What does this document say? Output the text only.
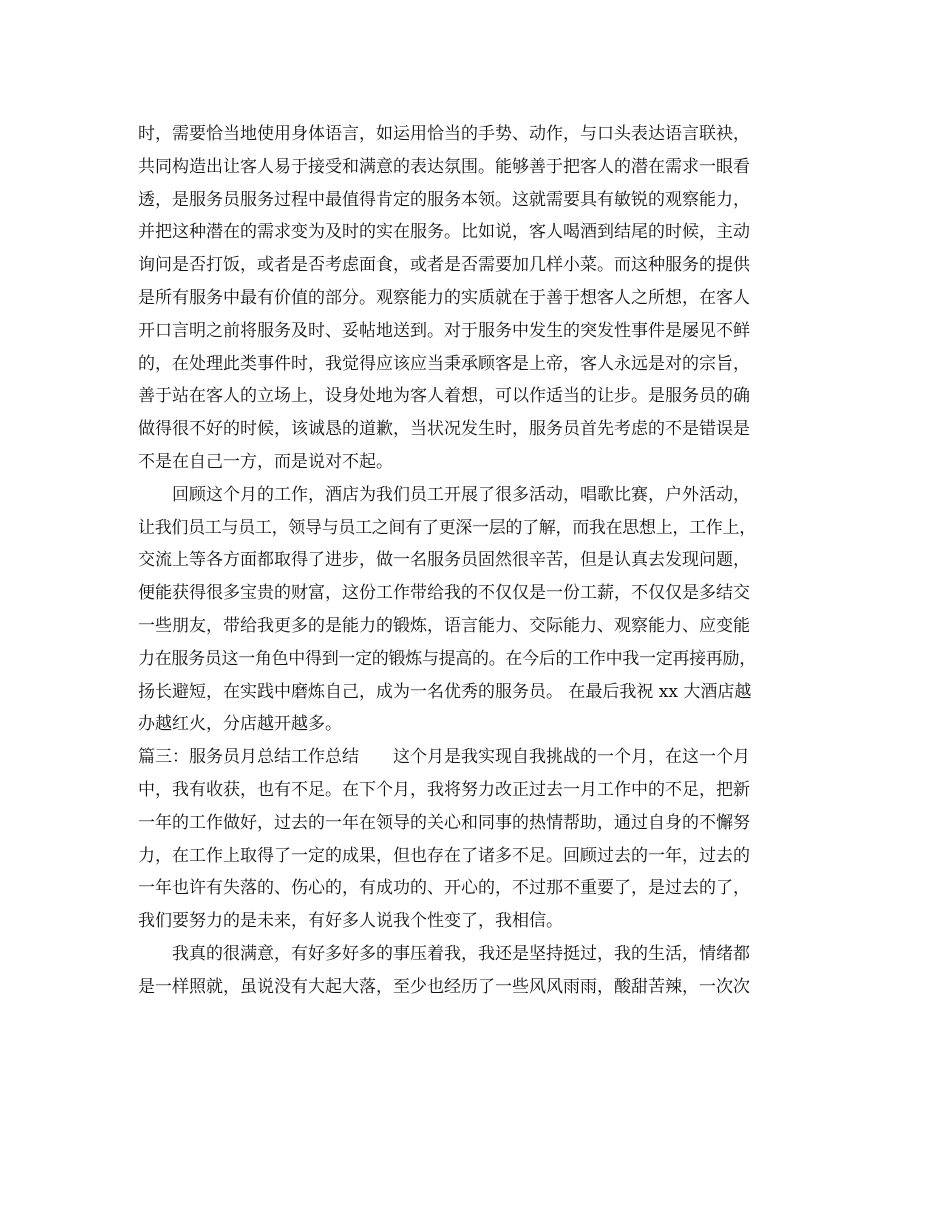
时，需要恰当地使用身体语言，如运用恰当的手势、动作，与口头表达语言联袂，
共同构造出让客人易于接受和满意的表达氛围。能够善于把客人的潜在需求一眼看
透，是服务员服务过程中最值得肯定的服务本领。这就需要具有敏锐的观察能力，
并把这种潜在的需求变为及时的实在服务。比如说，客人喝酒到结尾的时候，主动
询问是否打饭，或者是否考虑面食，或者是否需要加几样小菜。而这种服务的提供
是所有服务中最有价值的部分。观察能力的实质就在于善于想客人之所想，在客人
开口言明之前将服务及时、妥帖地送到。对于服务中发生的突发性事件是屡见不鲜
的，在处理此类事件时，我觉得应该应当秉承顾客是上帝，客人永远是对的宗旨，
善于站在客人的立场上，设身处地为客人着想，可以作适当的让步。是服务员的确
做得很不好的时候，该诚恳的道歉，当状况发生时，服务员首先考虑的不是错误是
不是在自己一方，而是说对不起。
回顾这个月的工作，酒店为我们员工开展了很多活动，唱歌比赛，户外活动，
让我们员工与员工，领导与员工之间有了更深一层的了解，而我在思想上，工作上，
交流上等各方面都取得了进步，做一名服务员固然很辛苦，但是认真去发现问题，
便能获得很多宝贵的财富，这份工作带给我的不仅仅是一份工薪，不仅仅是多结交
一些朋友，带给我更多的是能力的锻炼，语言能力、交际能力、观察能力、应变能
力在服务员这一角色中得到一定的锻炼与提高的。在今后的工作中我一定再接再励，
扬长避短，在实践中磨炼自己，成为一名优秀的服务员。 在最后我祝 xx 大酒店越
办越红火，分店越开越多。
篇三：服务员月总结工作总结　　这个月是我实现自我挑战的一个月，在这一个月
中，我有收获，也有不足。在下个月，我将努力改正过去一月工作中的不足，把新
一年的工作做好，过去的一年在领导的关心和同事的热情帮助，通过自身的不懈努
力，在工作上取得了一定的成果，但也存在了诸多不足。回顾过去的一年，过去的
一年也许有失落的、伤心的，有成功的、开心的，不过那不重要了，是过去的了，
我们要努力的是未来，有好多人说我个性变了，我相信。
我真的很满意，有好多好多的事压着我，我还是坚持挺过，我的生活，情绪都
是一样照就，虽说没有大起大落，至少也经历了一些风风雨雨，酸甜苦辣，一次次
